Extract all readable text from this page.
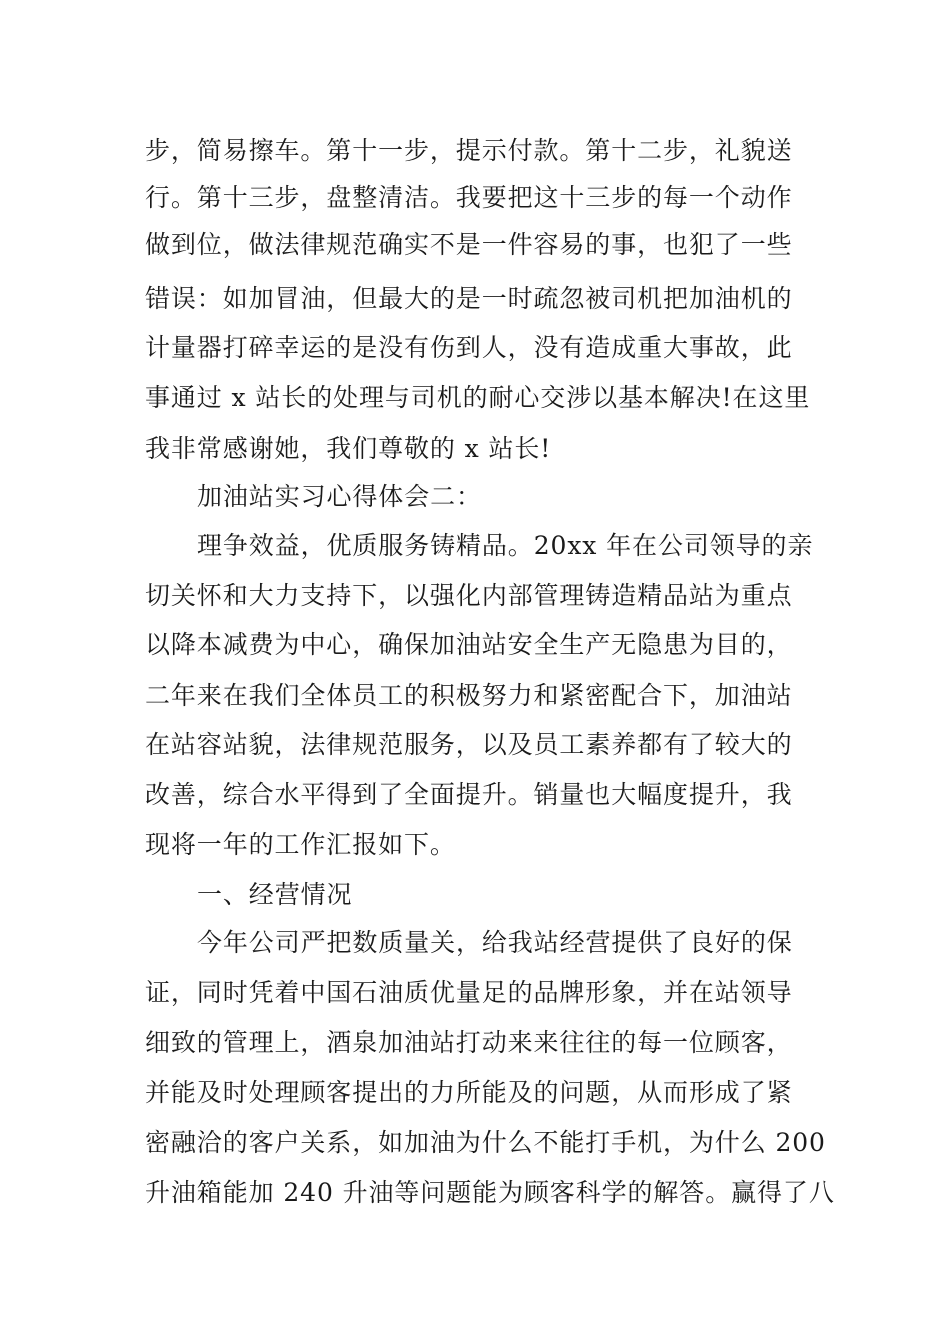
步，简易擦车。第十一步，提示付款。第十二步，礼貌送
行。第十三步，盘整清洁。我要把这十三步的每一个动作
做到位，做法律规范确实不是一件容易的事，也犯了一些
错误：如加冒油，但最大的是一时疏忽被司机把加油机的
计量器打碎幸运的是没有伤到人，没有造成重大事故，此
事通过 x 站长的处理与司机的耐心交涉以基本解决!在这里
我非常感谢她，我们尊敬的 x 站长!
加油站实习心得体会二：
理争效益，优质服务铸精品。20xx 年在公司领导的亲
切关怀和大力支持下，以强化内部管理铸造精品站为重点
以降本减费为中心，确保加油站安全生产无隐患为目的，
二年来在我们全体员工的积极努力和紧密配合下，加油站
在站容站貌，法律规范服务，以及员工素养都有了较大的
改善，综合水平得到了全面提升。销量也大幅度提升，我
现将一年的工作汇报如下。
一、经营情况
今年公司严把数质量关，给我站经营提供了良好的保
证，同时凭着中国石油质优量足的品牌形象，并在站领导
细致的管理上，酒泉加油站打动来来往往的每一位顾客，
并能及时处理顾客提出的力所能及的问题，从而形成了紧
密融洽的客户关系，如加油为什么不能打手机，为什么 200
升油箱能加 240 升油等问题能为顾客科学的解答。赢得了八
